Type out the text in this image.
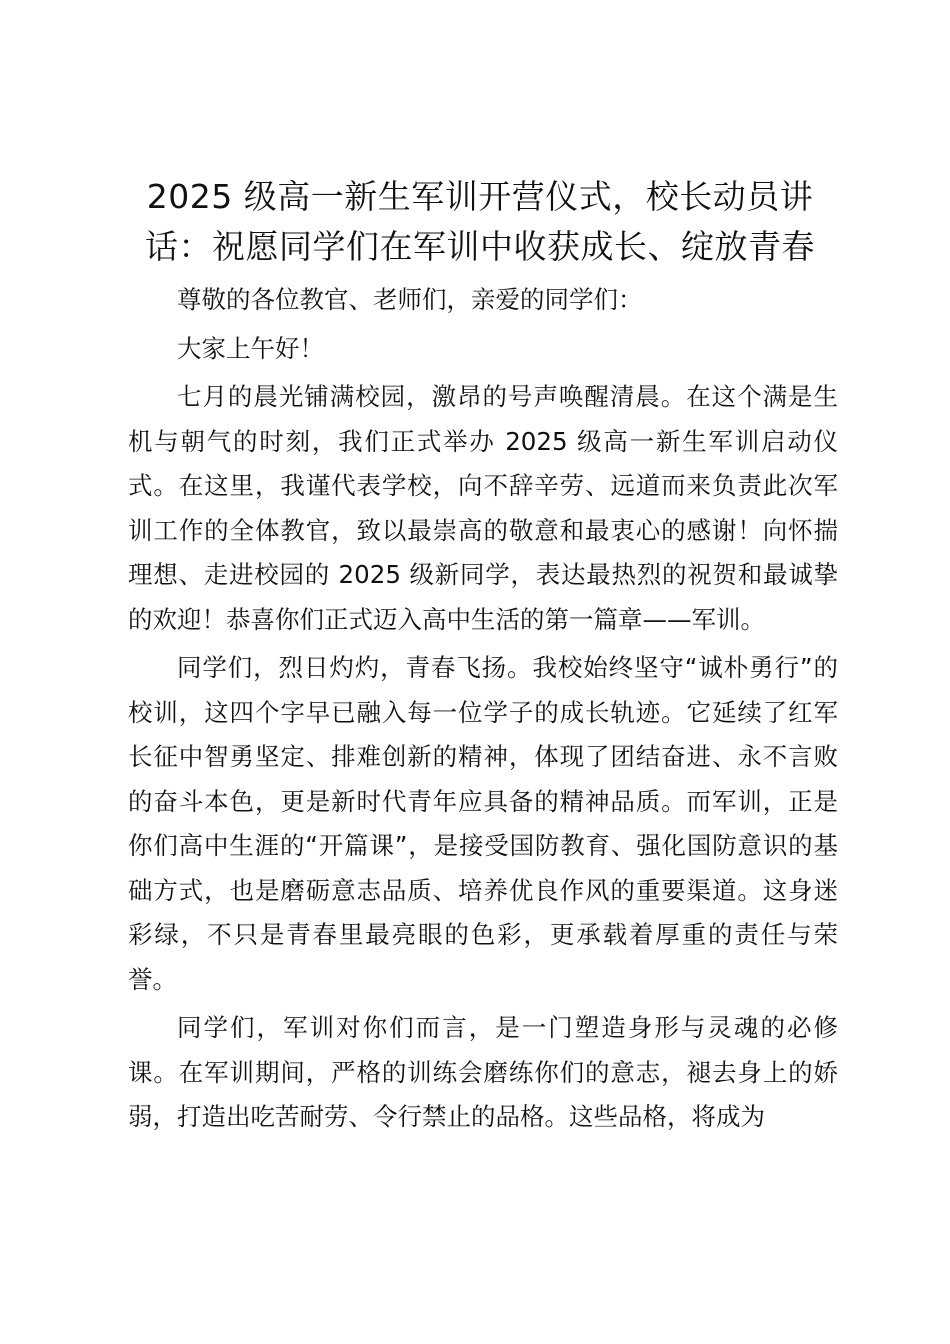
2025 级高一新生军训开营仪式，校长动员讲话：祝愿同学们在军训中收获成长、绽放青春

尊敬的各位教官、老师们，亲爱的同学们：

大家上午好！

七月的晨光铺满校园，激昂的号声唤醒清晨。在这个满是生机与朝气的时刻，我们正式举办 2025 级高一新生军训启动仪式。在这里，我谨代表学校，向不辞辛劳、远道而来负责此次军训工作的全体教官，致以最崇高的敬意和最衷心的感谢！向怀揣理想、走进校园的 2025 级新同学，表达最热烈的祝贺和最诚挚的欢迎！恭喜你们正式迈入高中生活的第一篇章——军训。

同学们，烈日灼灼，青春飞扬。我校始终坚守“诚朴勇行”的校训，这四个字早已融入每一位学子的成长轨迹。它延续了红军长征中智勇坚定、排难创新的精神，体现了团结奋进、永不言败的奋斗本色，更是新时代青年应具备的精神品质。而军训，正是你们高中生涯的“开篇课”，是接受国防教育、强化国防意识的基础方式，也是磨砺意志品质、培养优良作风的重要渠道。这身迷彩绿，不只是青春里最亮眼的色彩，更承载着厚重的责任与荣誉。

同学们，军训对你们而言，是一门塑造身形与灵魂的必修课。在军训期间，严格的训练会磨练你们的意志，褪去身上的娇弱，打造出吃苦耐劳、令行禁止的品格。这些品格，将成为
